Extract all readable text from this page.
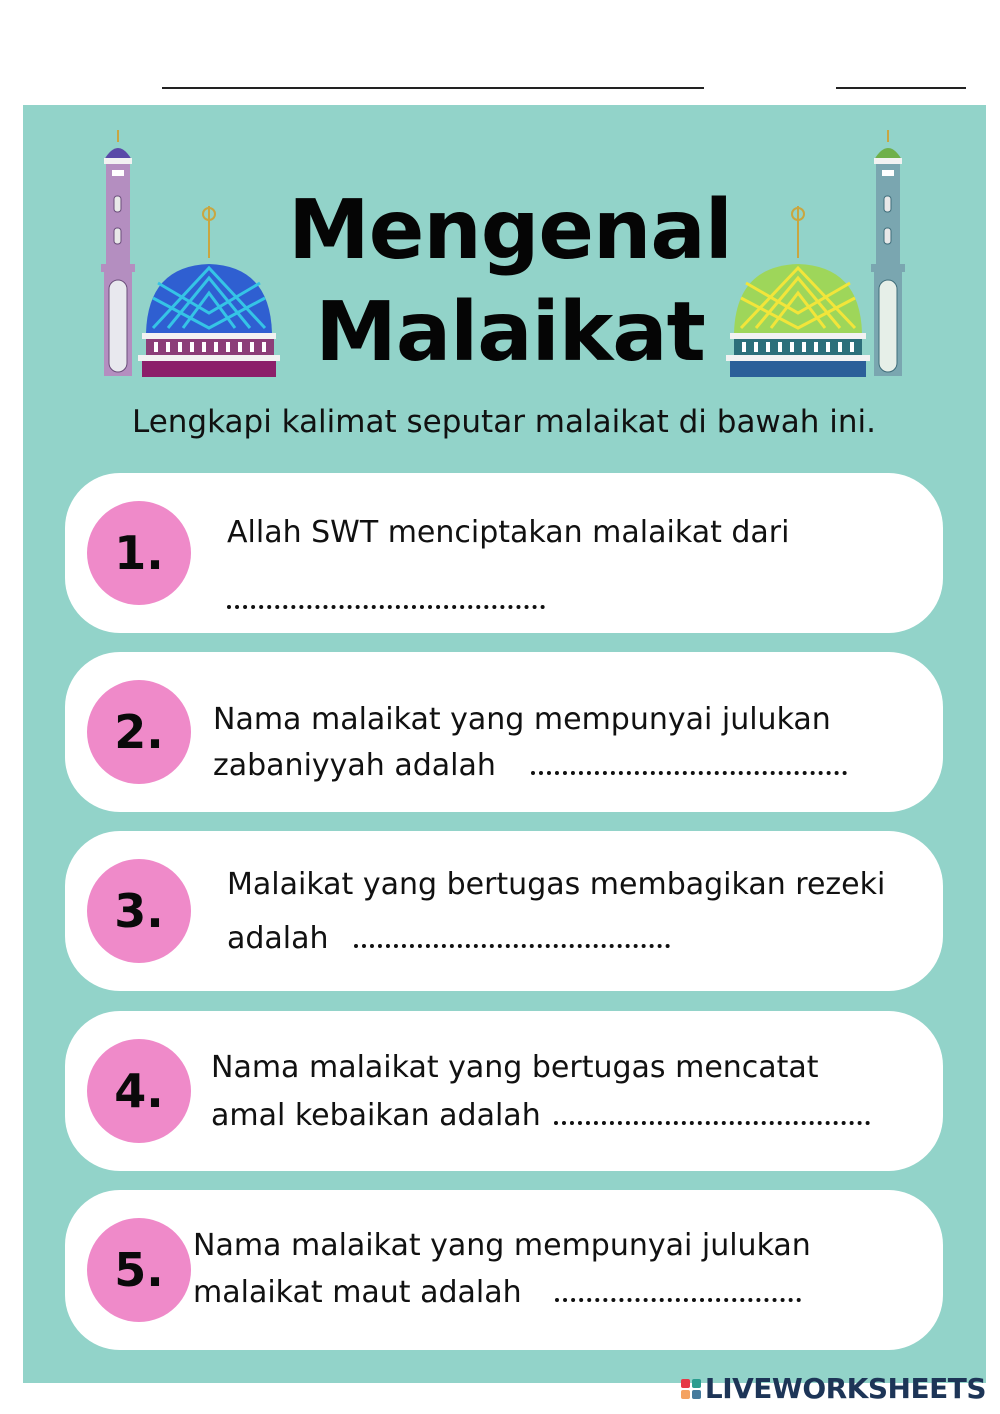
Mengenal
Malaikat
Lengkapi kalimat seputar malaikat di bawah ini.
1.	Allah SWT menciptakan malaikat dari
2.	Nama malaikat yang mempunyai julukan
zabaniyyah adalah
3.	Malaikat yang bertugas membagikan rezeki
adalah
4.	Nama malaikat yang bertugas mencatat
amal kebaikan adalah
5. Nama malaikat yang mempunyai julukan
malaikat maut adalah
LIVEWORKSHEETS
